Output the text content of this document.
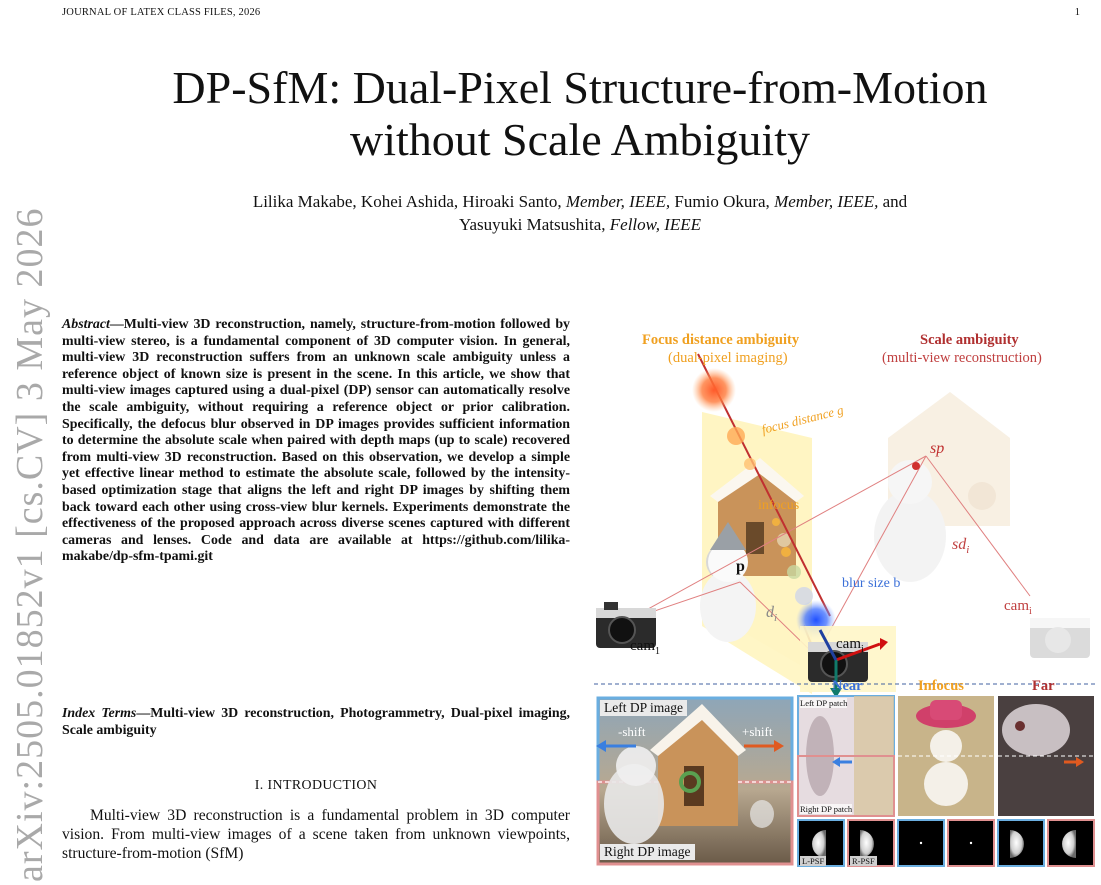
JOURNAL OF LATEX CLASS FILES, 2026	1
DP-SfM: Dual-Pixel Structure-from-Motion
without Scale Ambiguity
Lilika Makabe, Kohei Ashida, Hiroaki Santo, Member, IEEE, Fumio Okura, Member, IEEE, and
Yasuyuki Matsushita, Fellow, IEEE
arXiv:2505.01852v1 [cs.CV] 3 May 2026 Abstract—Multi-view 3D reconstruction, namely, structure-from-motion followed by multi-view stereo, is a fundamental component of 3D computer vision. In general, multi-view 3D reconstruction suffers from an unknown scale ambiguity unless a reference object of known size is present in the scene. In this article, we show that multi-view images captured using a dual-pixel (DP) sensor can automatically resolve the scale ambiguity, without requiring a reference object or prior calibration. Specifically, the defocus blur observed in DP images provides sufficient information to determine the absolute scale when paired with depth maps (up to scale) recovered from multi-view 3D reconstruction. Based on this observation, we develop a simple yet effective linear method to estimate the absolute scale, followed by the intensity-based optimization stage that aligns the left and right DP images by shifting them back toward each other using cross-view blur kernels. Experiments demonstrate the effectiveness of the proposed approach across diverse scenes captured with different cameras and lenses. Code and data are available at https://github.com/lilika-makabe/dp-sfm-tpami.git
Index Terms—Multi-view 3D reconstruction, Photogrammetry, Dual-pixel imaging, Scale ambiguity
I. INTRODUCTION
Multi-view 3D reconstruction is a fundamental problem in 3D computer vision. From multi-view images of a scene taken from unknown viewpoints, structure-from-motion (SfM)
Focus distance ambiguity
(dual-pixel imaging)
Scale ambiguity
(multi-view reconstruction)
focus distance g
infocus
sp
p
$sd_i$
$d_i$
blur size b
cam$_1$	cam$_i$
cam$_i$
Left DP image
Right DP image
-shift	+shift
Near	Infocus	Far
Left DP patch
Right DP patch
L-PSF	R-PSF
